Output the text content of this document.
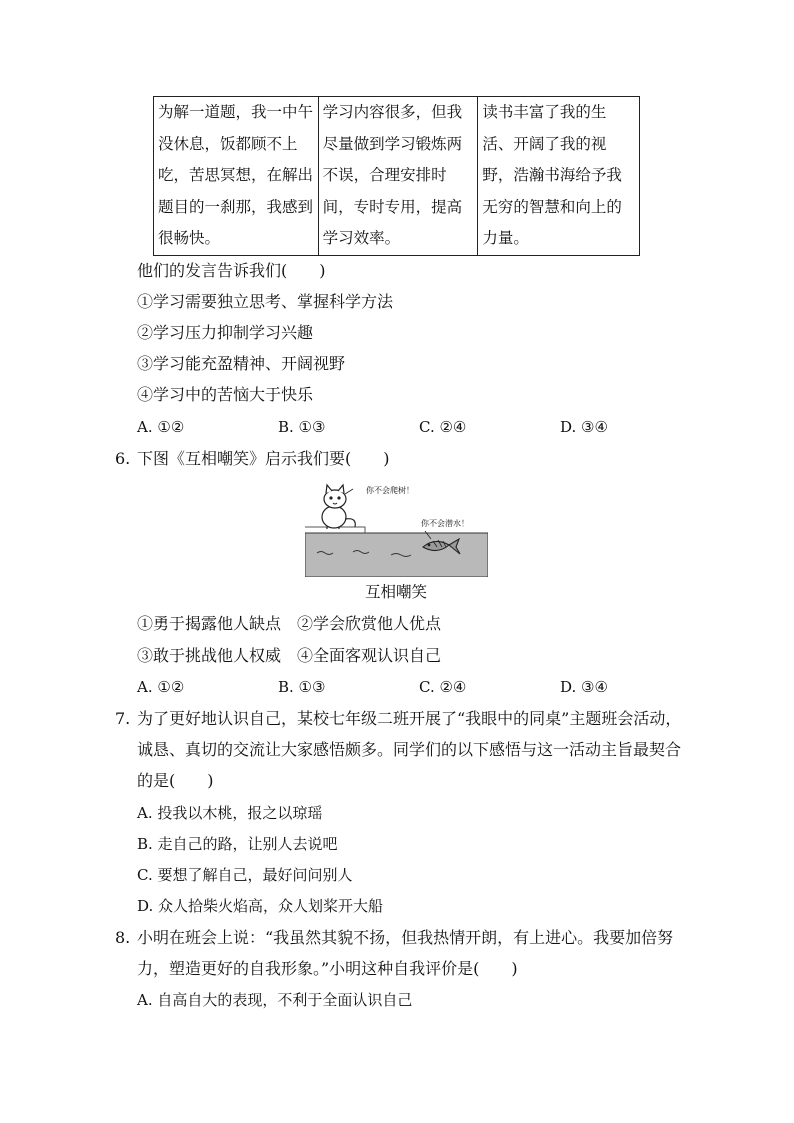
为解一道题，我一中午没休息，饭都顾不上吃，苦思冥想，在解出题目的一刹那，我感到很畅快。	学习内容很多，但我尽量做到学习锻炼两不误，合理安排时间，专时专用，提高学习效率。	读书丰富了我的生活、开阔了我的视野，浩瀚书海给予我无穷的智慧和向上的力量。
他们的发言告诉我们(　　)
①学习需要独立思考、掌握科学方法
②学习压力抑制学习兴趣
③学习能充盈精神、开阔视野
④学习中的苦恼大于快乐
A. ①②	B. ①③	C. ②④	D. ③④
6. 下图《互相嘲笑》启示我们要(　　)
你不会爬树！
你不会潜水！
互相嘲笑
①勇于揭露他人缺点　②学会欣赏他人优点
③敢于挑战他人权威　④全面客观认识自己
A. ①②	B. ①③	C. ②④	D. ③④
7. 为了更好地认识自己，某校七年级二班开展了“我眼中的同桌”主题班会活动，
诚恳、真切的交流让大家感悟颇多。同学们的以下感悟与这一活动主旨最契合
的是(　　)
A. 投我以木桃，报之以琼瑶
B. 走自己的路，让别人去说吧
C. 要想了解自己，最好问问别人
D. 众人拾柴火焰高，众人划桨开大船
8. 小明在班会上说：“我虽然其貌不扬，但我热情开朗，有上进心。我要加倍努
力，塑造更好的自我形象。”小明这种自我评价是(　　)
A. 自高自大的表现，不利于全面认识自己
